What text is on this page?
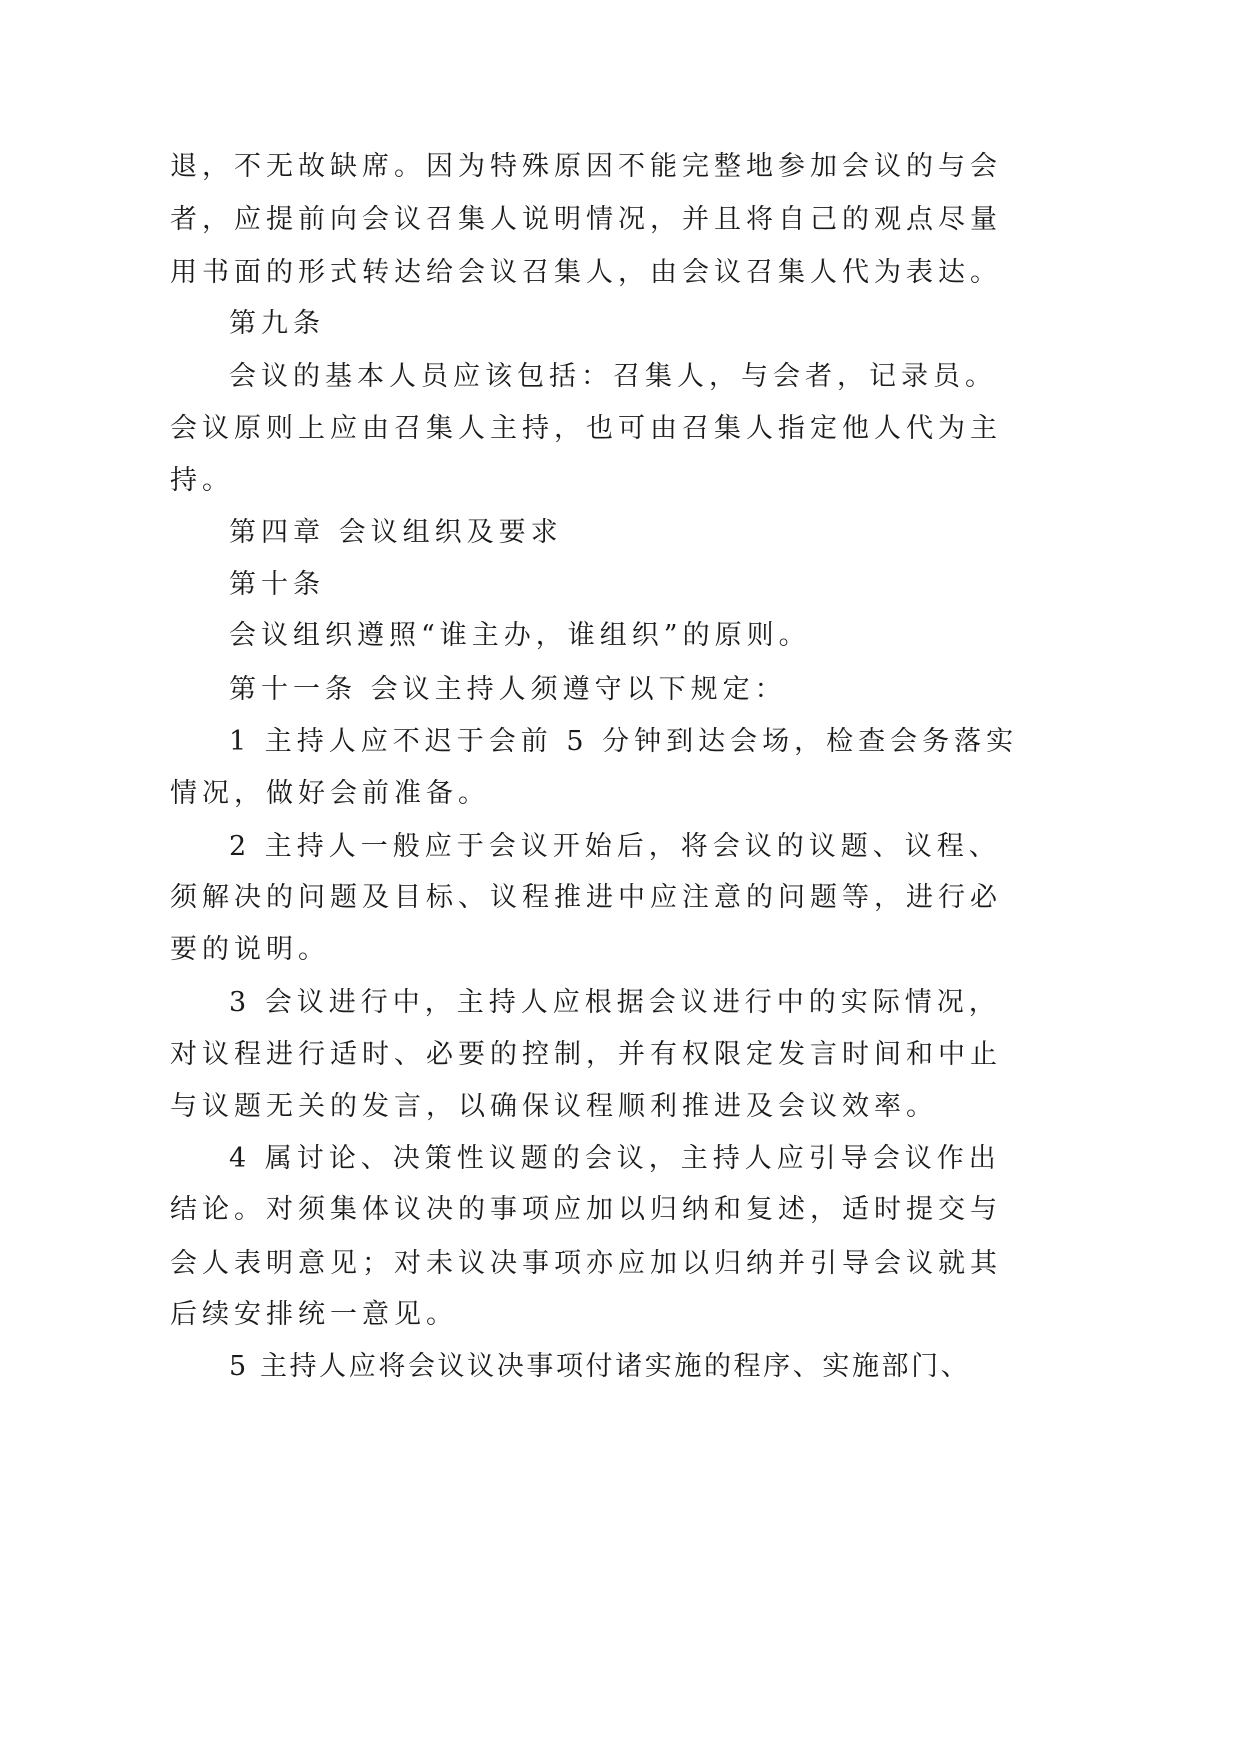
退，不无故缺席。因为特殊原因不能完整地参加会议的与会
者，应提前向会议召集人说明情况，并且将自己的观点尽量
用书面的形式转达给会议召集人，由会议召集人代为表达。
第九条
会议的基本人员应该包括：召集人，与会者，记录员。
会议原则上应由召集人主持，也可由召集人指定他人代为主
持。
第四章 会议组织及要求
第十条
会议组织遵照“谁主办，谁组织”的原则。
第十一条 会议主持人须遵守以下规定：
1 主持人应不迟于会前 5 分钟到达会场，检查会务落实
情况，做好会前准备。
2 主持人一般应于会议开始后，将会议的议题、议程、
须解决的问题及目标、议程推进中应注意的问题等，进行必
要的说明。
3 会议进行中，主持人应根据会议进行中的实际情况，
对议程进行适时、必要的控制，并有权限定发言时间和中止
与议题无关的发言，以确保议程顺利推进及会议效率。
4 属讨论、决策性议题的会议，主持人应引导会议作出
结论。对须集体议决的事项应加以归纳和复述，适时提交与
会人表明意见；对未议决事项亦应加以归纳并引导会议就其
后续安排统一意见。
5 主持人应将会议议决事项付诸实施的程序、实施部门、
